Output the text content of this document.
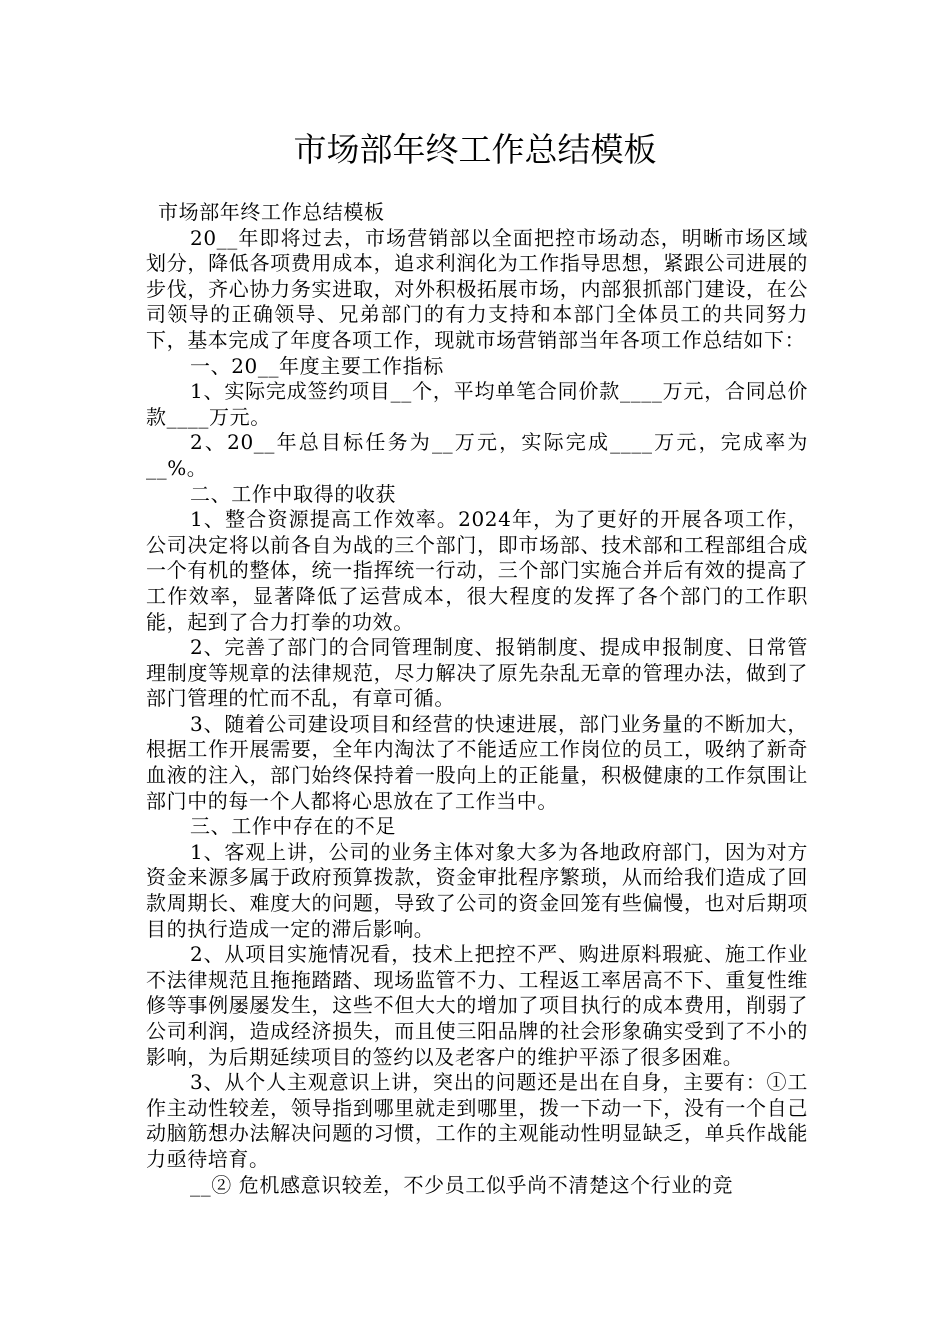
市场部年终工作总结模板

市场部年终工作总结模板

20__年即将过去，市场营销部以全面把控市场动态，明晰市场区域划分，降低各项费用成本，追求利润化为工作指导思想，紧跟公司进展的步伐，齐心协力务实进取，对外积极拓展市场，内部狠抓部门建设，在公司领导的正确领导、兄弟部门的有力支持和本部门全体员工的共同努力下，基本完成了年度各项工作，现就市场营销部当年各项工作总结如下：

一、20__年度主要工作指标

1、实际完成签约项目__个，平均单笔合同价款____万元，合同总价款____万元。

2、20__年总目标任务为__万元，实际完成____万元，完成率为__%。

二、工作中取得的收获

1、整合资源提高工作效率。2024年，为了更好的开展各项工作，公司决定将以前各自为战的三个部门，即市场部、技术部和工程部组合成一个有机的整体，统一指挥统一行动，三个部门实施合并后有效的提高了工作效率，显著降低了运营成本，很大程度的发挥了各个部门的工作职能，起到了合力打拳的功效。

2、完善了部门的合同管理制度、报销制度、提成申报制度、日常管理制度等规章的法律规范，尽力解决了原先杂乱无章的管理办法，做到了部门管理的忙而不乱，有章可循。

3、随着公司建设项目和经营的快速进展，部门业务量的不断加大，根据工作开展需要，全年内淘汰了不能适应工作岗位的员工，吸纳了新奇血液的注入，部门始终保持着一股向上的正能量，积极健康的工作氛围让部门中的每一个人都将心思放在了工作当中。

三、工作中存在的不足

1、客观上讲，公司的业务主体对象大多为各地政府部门，因为对方资金来源多属于政府预算拨款，资金审批程序繁琐，从而给我们造成了回款周期长、难度大的问题，导致了公司的资金回笼有些偏慢，也对后期项目的执行造成一定的滞后影响。

2、从项目实施情况看，技术上把控不严、购进原料瑕疵、施工作业不法律规范且拖拖踏踏、现场监管不力、工程返工率居高不下、重复性维修等事例屡屡发生，这些不但大大的增加了项目执行的成本费用，削弱了公司利润，造成经济损失，而且使三阳品牌的社会形象确实受到了不小的影响，为后期延续项目的签约以及老客户的维护平添了很多困难。

3、从个人主观意识上讲，突出的问题还是出在自身，主要有：①工作主动性较差，领导指到哪里就走到哪里，拨一下动一下，没有一个自己动脑筋想办法解决问题的习惯，工作的主观能动性明显缺乏，单兵作战能力亟待培育。

__② 危机感意识较差，不少员工似乎尚不清楚这个行业的竞
